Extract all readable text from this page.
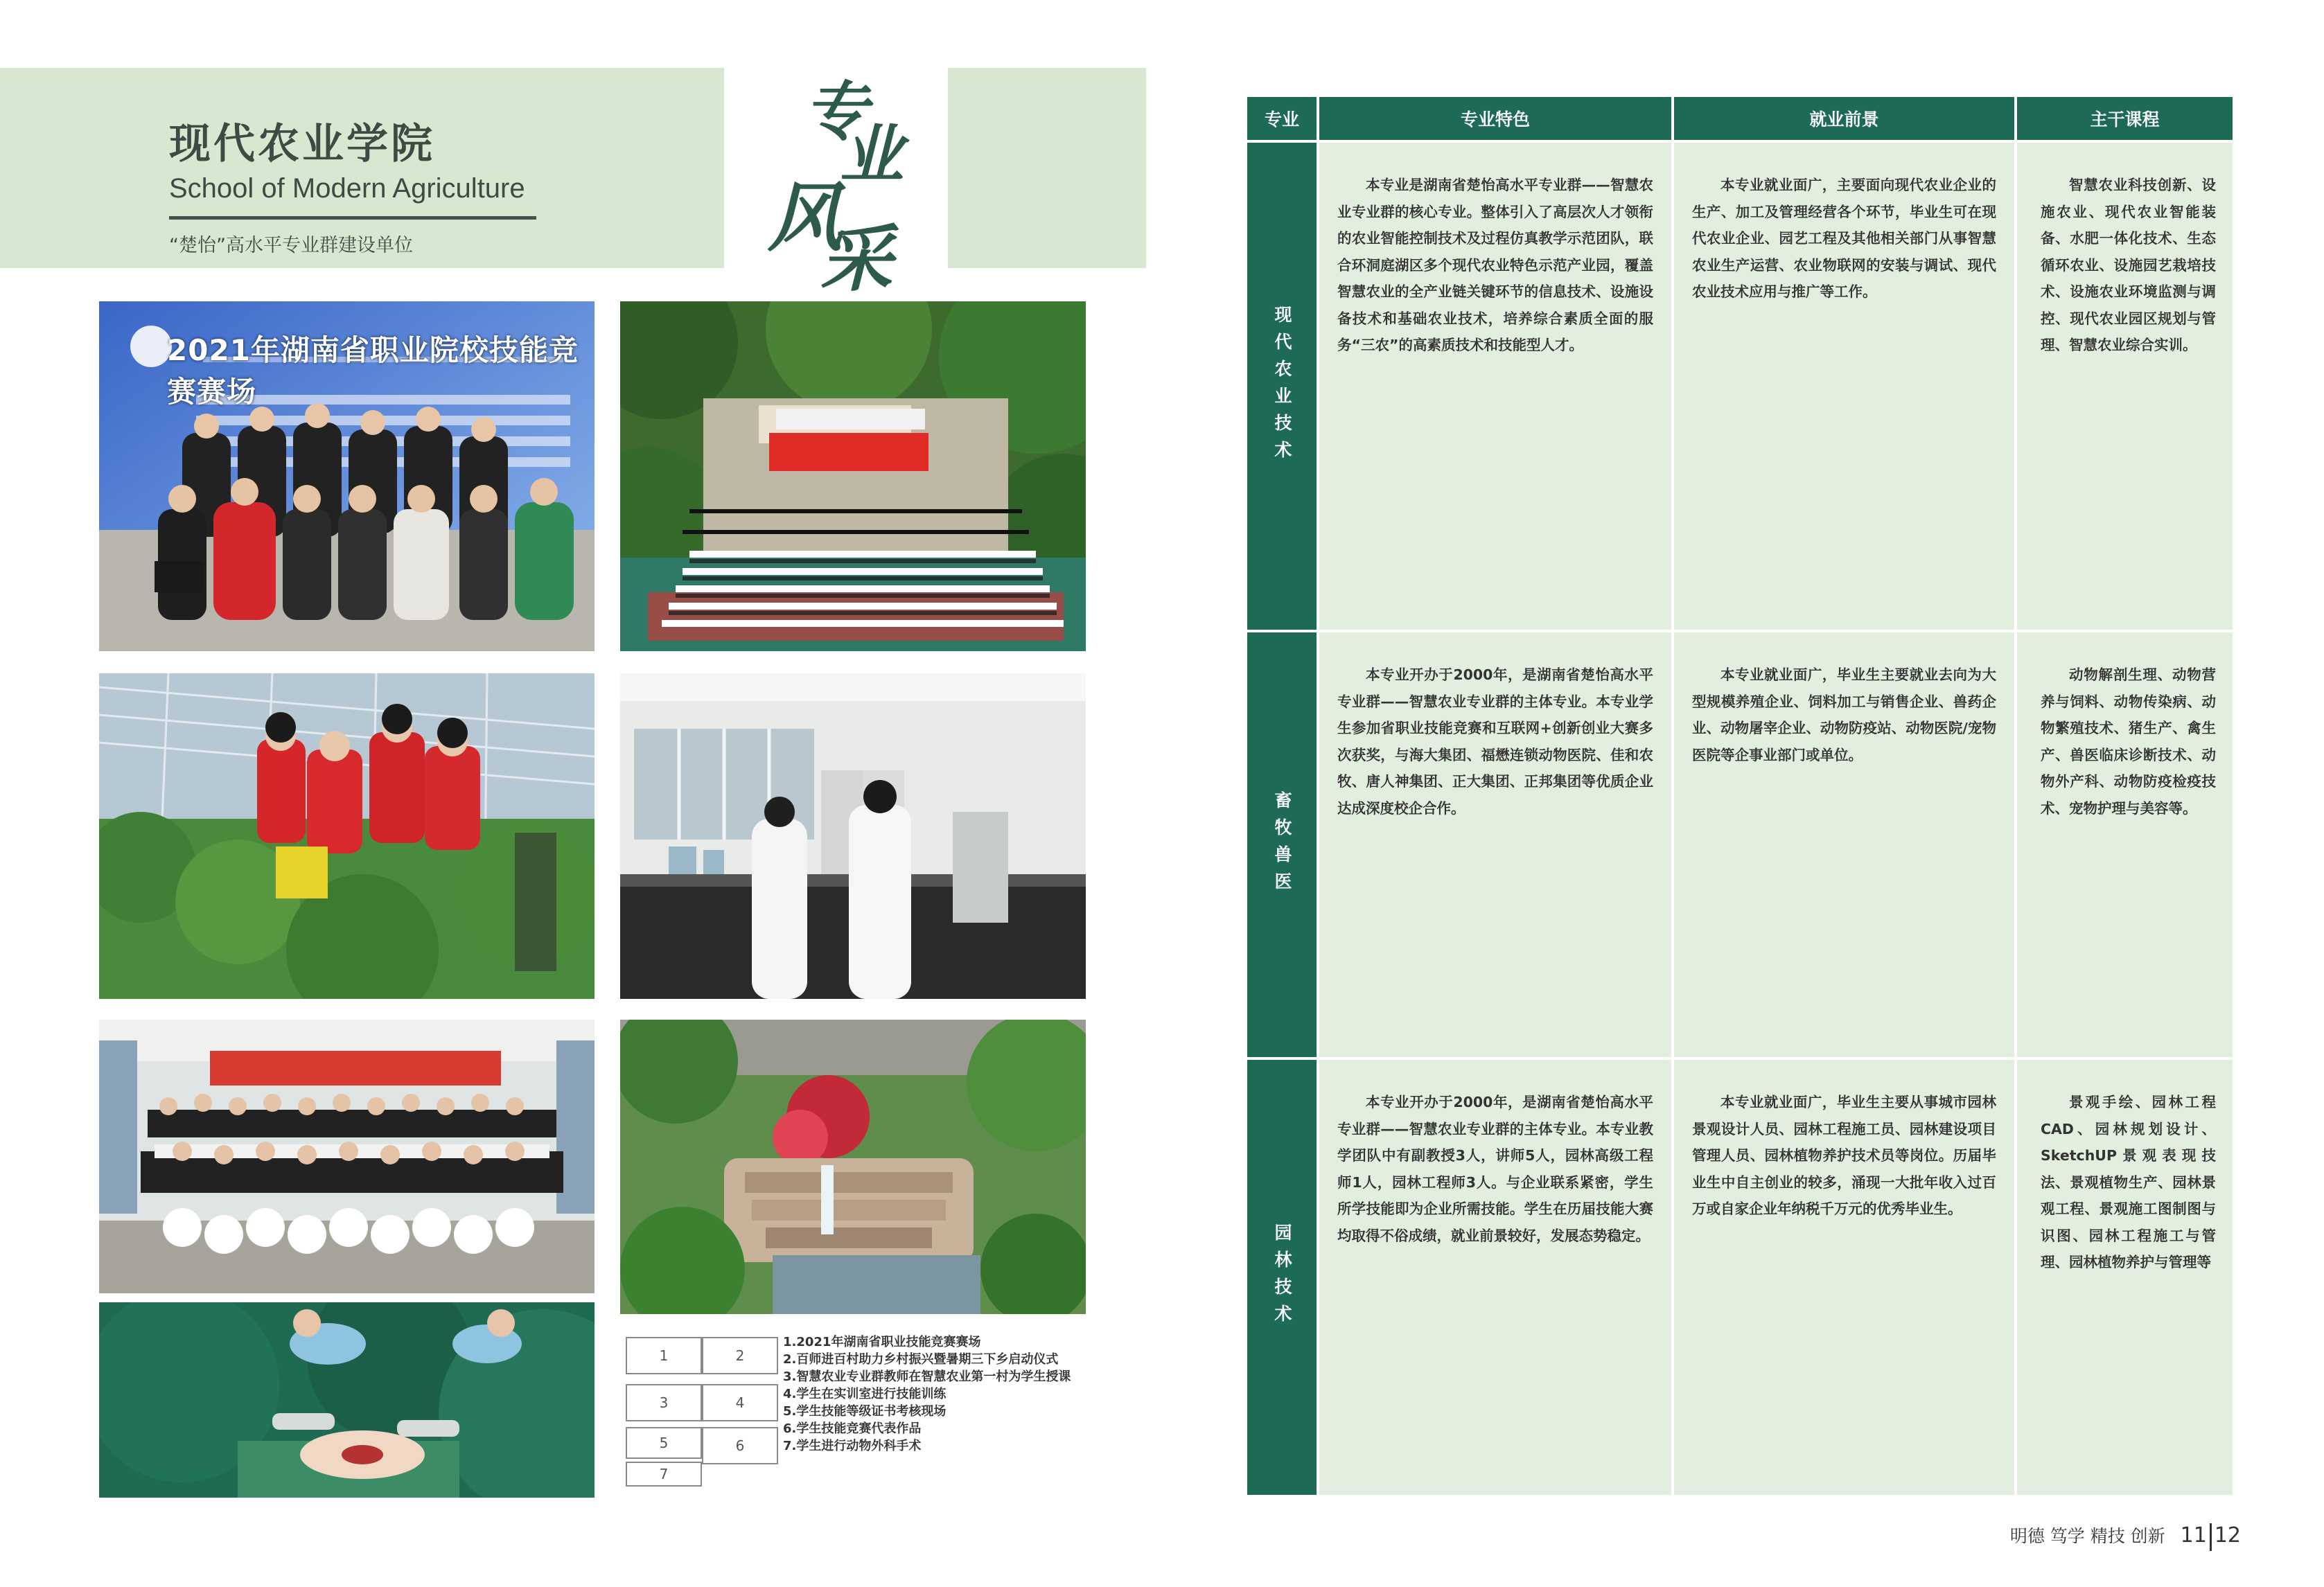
现代农业学院
School of Modern Agriculture
“楚怡”高水平专业群建设单位
专
业
风
采
2021年湖南省职业院校技能竞赛赛场
1	2
3	4
5	6
7
1.2021年湖南省职业技能竞赛赛场
2.百师进百村助力乡村振兴暨暑期三下乡启动仪式
3.智慧农业专业群教师在智慧农业第一村为学生授课
4.学生在实训室进行技能训练
5.学生技能等级证书考核现场
6.学生技能竞赛代表作品
7.学生进行动物外科手术
专业	专业特色	就业前景	主干课程
现代农业技术
本专业是湖南省楚怡高水平专业群——智慧农业专业群的核心专业。整体引入了高层次人才领衔的农业智能控制技术及过程仿真教学示范团队，联合环洞庭湖区多个现代农业特色示范产业园，覆盖智慧农业的全产业链关键环节的信息技术、设施设备技术和基础农业技术，培养综合素质全面的服务“三农”的高素质技术和技能型人才。
本专业就业面广，主要面向现代农业企业的生产、加工及管理经营各个环节，毕业生可在现代农业企业、园艺工程及其他相关部门从事智慧农业生产运营、农业物联网的安装与调试、现代农业技术应用与推广等工作。
智慧农业科技创新、设施农业、现代农业智能装备、水肥一体化技术、生态循环农业、设施园艺栽培技术、设施农业环境监测与调控、现代农业园区规划与管理、智慧农业综合实训。
畜牧兽医
本专业开办于2000年，是湖南省楚怡高水平专业群——智慧农业专业群的主体专业。本专业学生参加省职业技能竞赛和互联网+创新创业大赛多次获奖，与海大集团、福懋连锁动物医院、佳和农牧、唐人神集团、正大集团、正邦集团等优质企业达成深度校企合作。
本专业就业面广，毕业生主要就业去向为大型规模养殖企业、饲料加工与销售企业、兽药企业、动物屠宰企业、动物防疫站、动物医院/宠物医院等企事业部门或单位。
动物解剖生理、动物营养与饲料、动物传染病、动物繁殖技术、猪生产、禽生产、兽医临床诊断技术、动物外产科、动物防疫检疫技术、宠物护理与美容等。
园林技术
本专业开办于2000年，是湖南省楚怡高水平专业群——智慧农业专业群的主体专业。本专业教学团队中有副教授3人，讲师5人，园林高级工程师1人，园林工程师3人。与企业联系紧密，学生所学技能即为企业所需技能。学生在历届技能大赛均取得不俗成绩，就业前景较好，发展态势稳定。
本专业就业面广，毕业生主要从事城市园林景观设计人员、园林工程施工员、园林建设项目管理人员、园林植物养护技术员等岗位。历届毕业生中自主创业的较多，涌现一大批年收入过百万或自家企业年纳税千万元的优秀毕业生。
景观手绘、园林工程CAD、园林规划设计、SketchUP景观表现技法、景观植物生产、园林景观工程、景观施工图制图与识图、园林工程施工与管理、园林植物养护与管理等
明德 笃学 精技 创新 11 12
